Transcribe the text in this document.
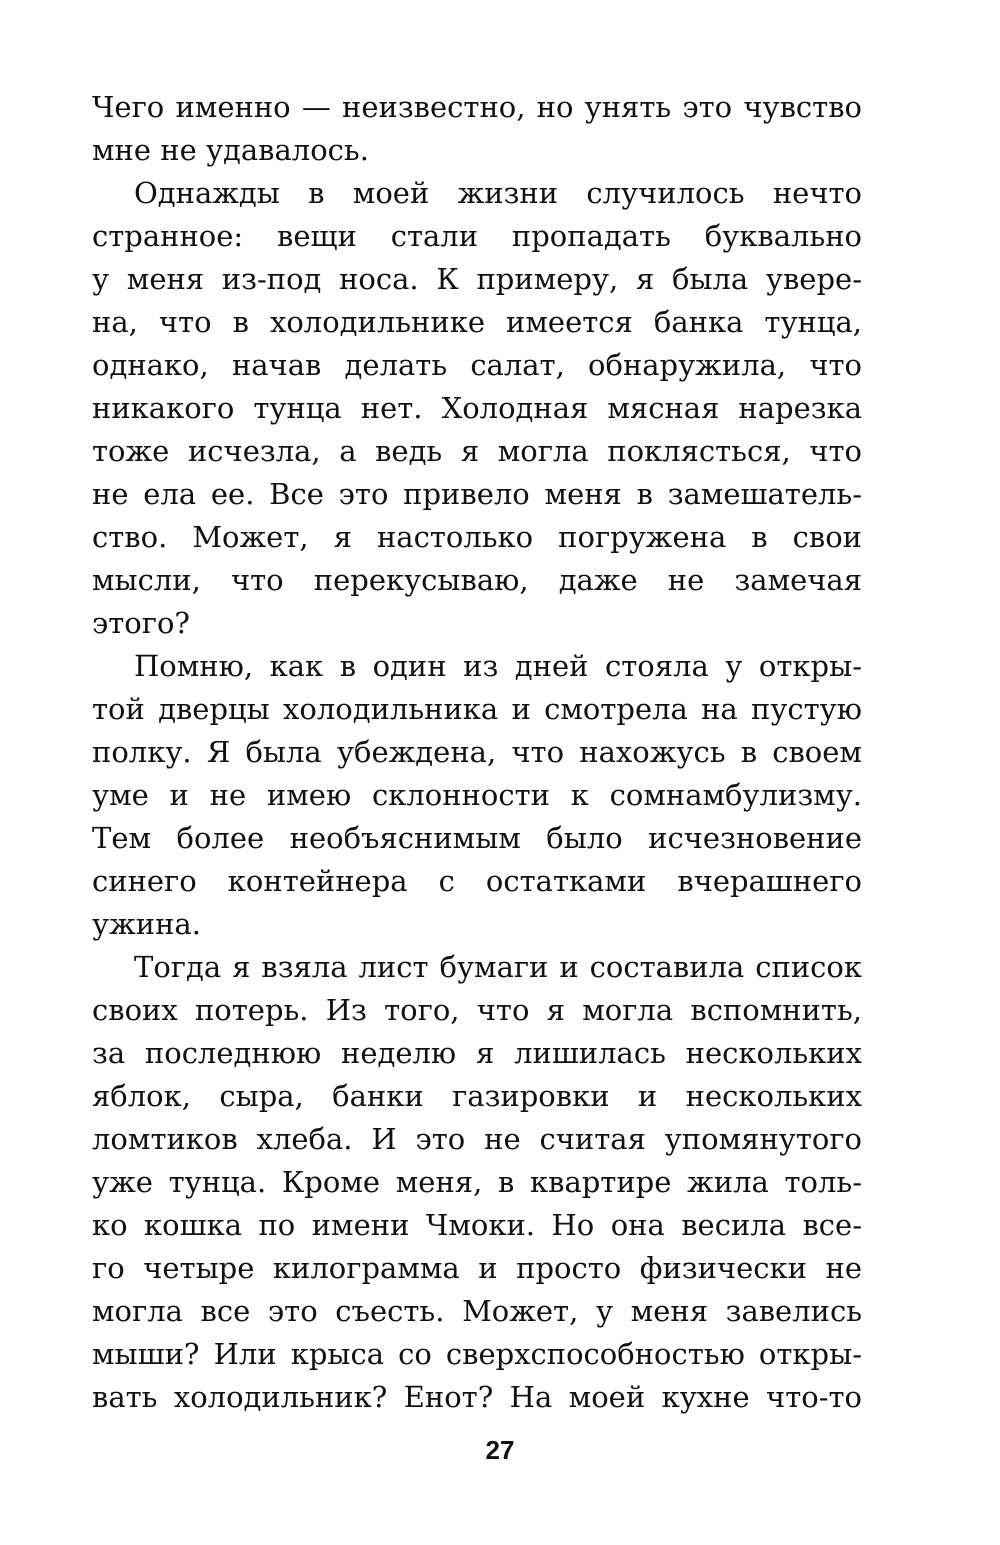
Чего именно — неизвестно, но унять это чувство
мне не удавалось.
Однажды в моей жизни случилось нечто
странное: вещи стали пропадать буквально
у меня из-под носа. К примеру, я была увере-
на, что в холодильнике имеется банка тунца,
однако, начав делать салат, обнаружила, что
никакого тунца нет. Холодная мясная нарезка
тоже исчезла, а ведь я могла поклясться, что
не ела ее. Все это привело меня в замешатель-
ство. Может, я настолько погружена в свои
мысли, что перекусываю, даже не замечая
этого?
Помню, как в один из дней стояла у откры-
той дверцы холодильника и смотрела на пустую
полку. Я была убеждена, что нахожусь в своем
уме и не имею склонности к сомнамбулизму.
Тем более необъяснимым было исчезновение
синего контейнера с остатками вчерашнего
ужина.
Тогда я взяла лист бумаги и составила список
своих потерь. Из того, что я могла вспомнить,
за последнюю неделю я лишилась нескольких
яблок, сыра, банки газировки и нескольких
ломтиков хлеба. И это не считая упомянутого
уже тунца. Кроме меня, в квартире жила толь-
ко кошка по имени Чмоки. Но она весила все-
го четыре килограмма и просто физически не
могла все это съесть. Может, у меня завелись
мыши? Или крыса со сверхспособностью откры-
вать холодильник? Енот? На моей кухне что-то
27
